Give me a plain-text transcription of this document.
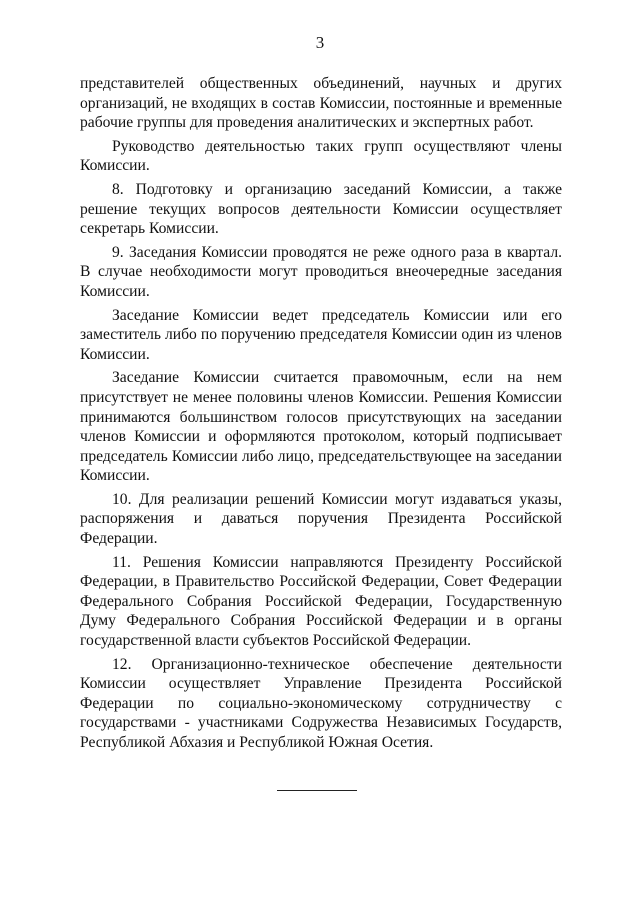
3

представителей общественных объединений, научных и других организаций, не входящих в состав Комиссии, постоянные и временные рабочие группы для проведения аналитических и экспертных работ.

Руководство деятельностью таких групп осуществляют члены Комиссии.

8. Подготовку и организацию заседаний Комиссии, а также решение текущих вопросов деятельности Комиссии осуществляет секретарь Комиссии.

9. Заседания Комиссии проводятся не реже одного раза в квартал. В случае необходимости могут проводиться внеочередные заседания Комиссии.

Заседание Комиссии ведет председатель Комиссии или его заместитель либо по поручению председателя Комиссии один из членов Комиссии.

Заседание Комиссии считается правомочным, если на нем присутствует не менее половины членов Комиссии. Решения Комиссии принимаются большинством голосов присутствующих на заседании членов Комиссии и оформляются протоколом, который подписывает председатель Комиссии либо лицо, председательствующее на заседании Комиссии.

10. Для реализации решений Комиссии могут издаваться указы, распоряжения и даваться поручения Президента Российской Федерации.

11. Решения Комиссии направляются Президенту Российской Федерации, в Правительство Российской Федерации, Совет Федерации Федерального Собрания Российской Федерации, Государственную Думу Федерального Собрания Российской Федерации и в органы государственной власти субъектов Российской Федерации.

12. Организационно-техническое обеспечение деятельности Комиссии осуществляет Управление Президента Российской Федерации по социально-экономическому сотрудничеству с государствами - участниками Содружества Независимых Государств, Республикой Абхазия и Республикой Южная Осетия.
